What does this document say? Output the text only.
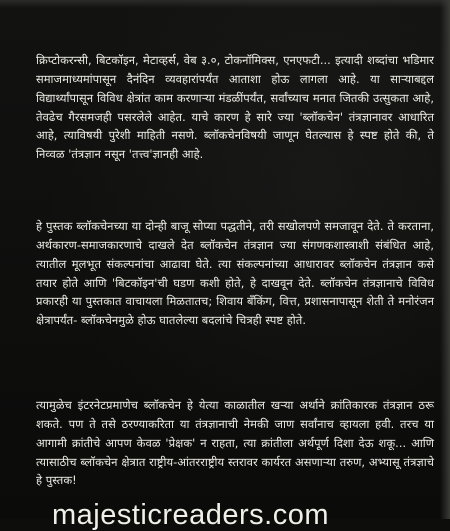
क्रिप्टोकरन्सी, बिटकॉइन, मेटाव्हर्स, वेब ३.०, टोकनॉमिक्स, एनएफटी... इत्यादी शब्दांचा भडिमार समाजमाध्यमांपासून दैनंदिन व्यवहारांपर्यंत आताशा होऊ लागला आहे. या साऱ्याबद्दल विद्यार्थ्यांपासून विविध क्षेत्रांत काम करणाऱ्या मंडळींपर्यंत, सर्वांच्याच मनात जितकी उत्सुकता आहे, तेवढेच गैरसमजही पसरलेले आहेत. याचे कारण हे सारे ज्या 'ब्लॉकचेन' तंत्रज्ञानावर आधारित आहे, त्याविषयी पुरेशी माहिती नसणे. ब्लॉकचेनविषयी जाणून घेतल्यास हे स्पष्ट होते की, ते निव्वळ 'तंत्रज्ञान नसून 'तत्त्व'ज्ञानही आहे.

हे पुस्तक ब्लॉकचेनच्या या दोन्ही बाजू सोप्या पद्धतीने, तरी सखोलपणे समजावून देते. ते करताना, अर्थकारण-समाजकारणाचे दाखले देत ब्लॉकचेन तंत्रज्ञान ज्या संगणकशास्त्राशी संबंधित आहे, त्यातील मूलभूत संकल्पनांचा आढावा घेते. त्या संकल्पनांच्या आधारावर ब्लॉकचेन तंत्रज्ञान कसे तयार होते आणि 'बिटकॉइन'ची घडण कशी होते, हे दाखवून देते. ब्लॉकचेन तंत्रज्ञानाचे विविध प्रकारही या पुस्तकात वाचायला मिळतातच; शिवाय बँकिंग, वित्त, प्रशासनापासून शेती ते मनोरंजन क्षेत्रापर्यंत- ब्लॉकचेनमुळे होऊ घातलेल्या बदलांचे चित्रही स्पष्ट होते.

त्यामुळेच इंटरनेटप्रमाणेच ब्लॉकचेन हे येत्या काळातील खऱ्या अर्थाने क्रांतिकारक तंत्रज्ञान ठरू शकते. पण ते तसे ठरण्याकरिता या तंत्रज्ञानाची नेमकी जाण सर्वांनाच व्हायला हवी. तरच या आगामी क्रांतीचे आपण केवळ 'प्रेक्षक' न राहता, त्या क्रांतीला अर्थपूर्ण दिशा देऊ शकू... आणि त्यासाठीच ब्लॉकचेन क्षेत्रात राष्ट्रीय-आंतरराष्ट्रीय स्तरावर कार्यरत असणाऱ्या तरुण, अभ्यासू तंत्रज्ञाचे हे पुस्तक!

majesticreaders.com
